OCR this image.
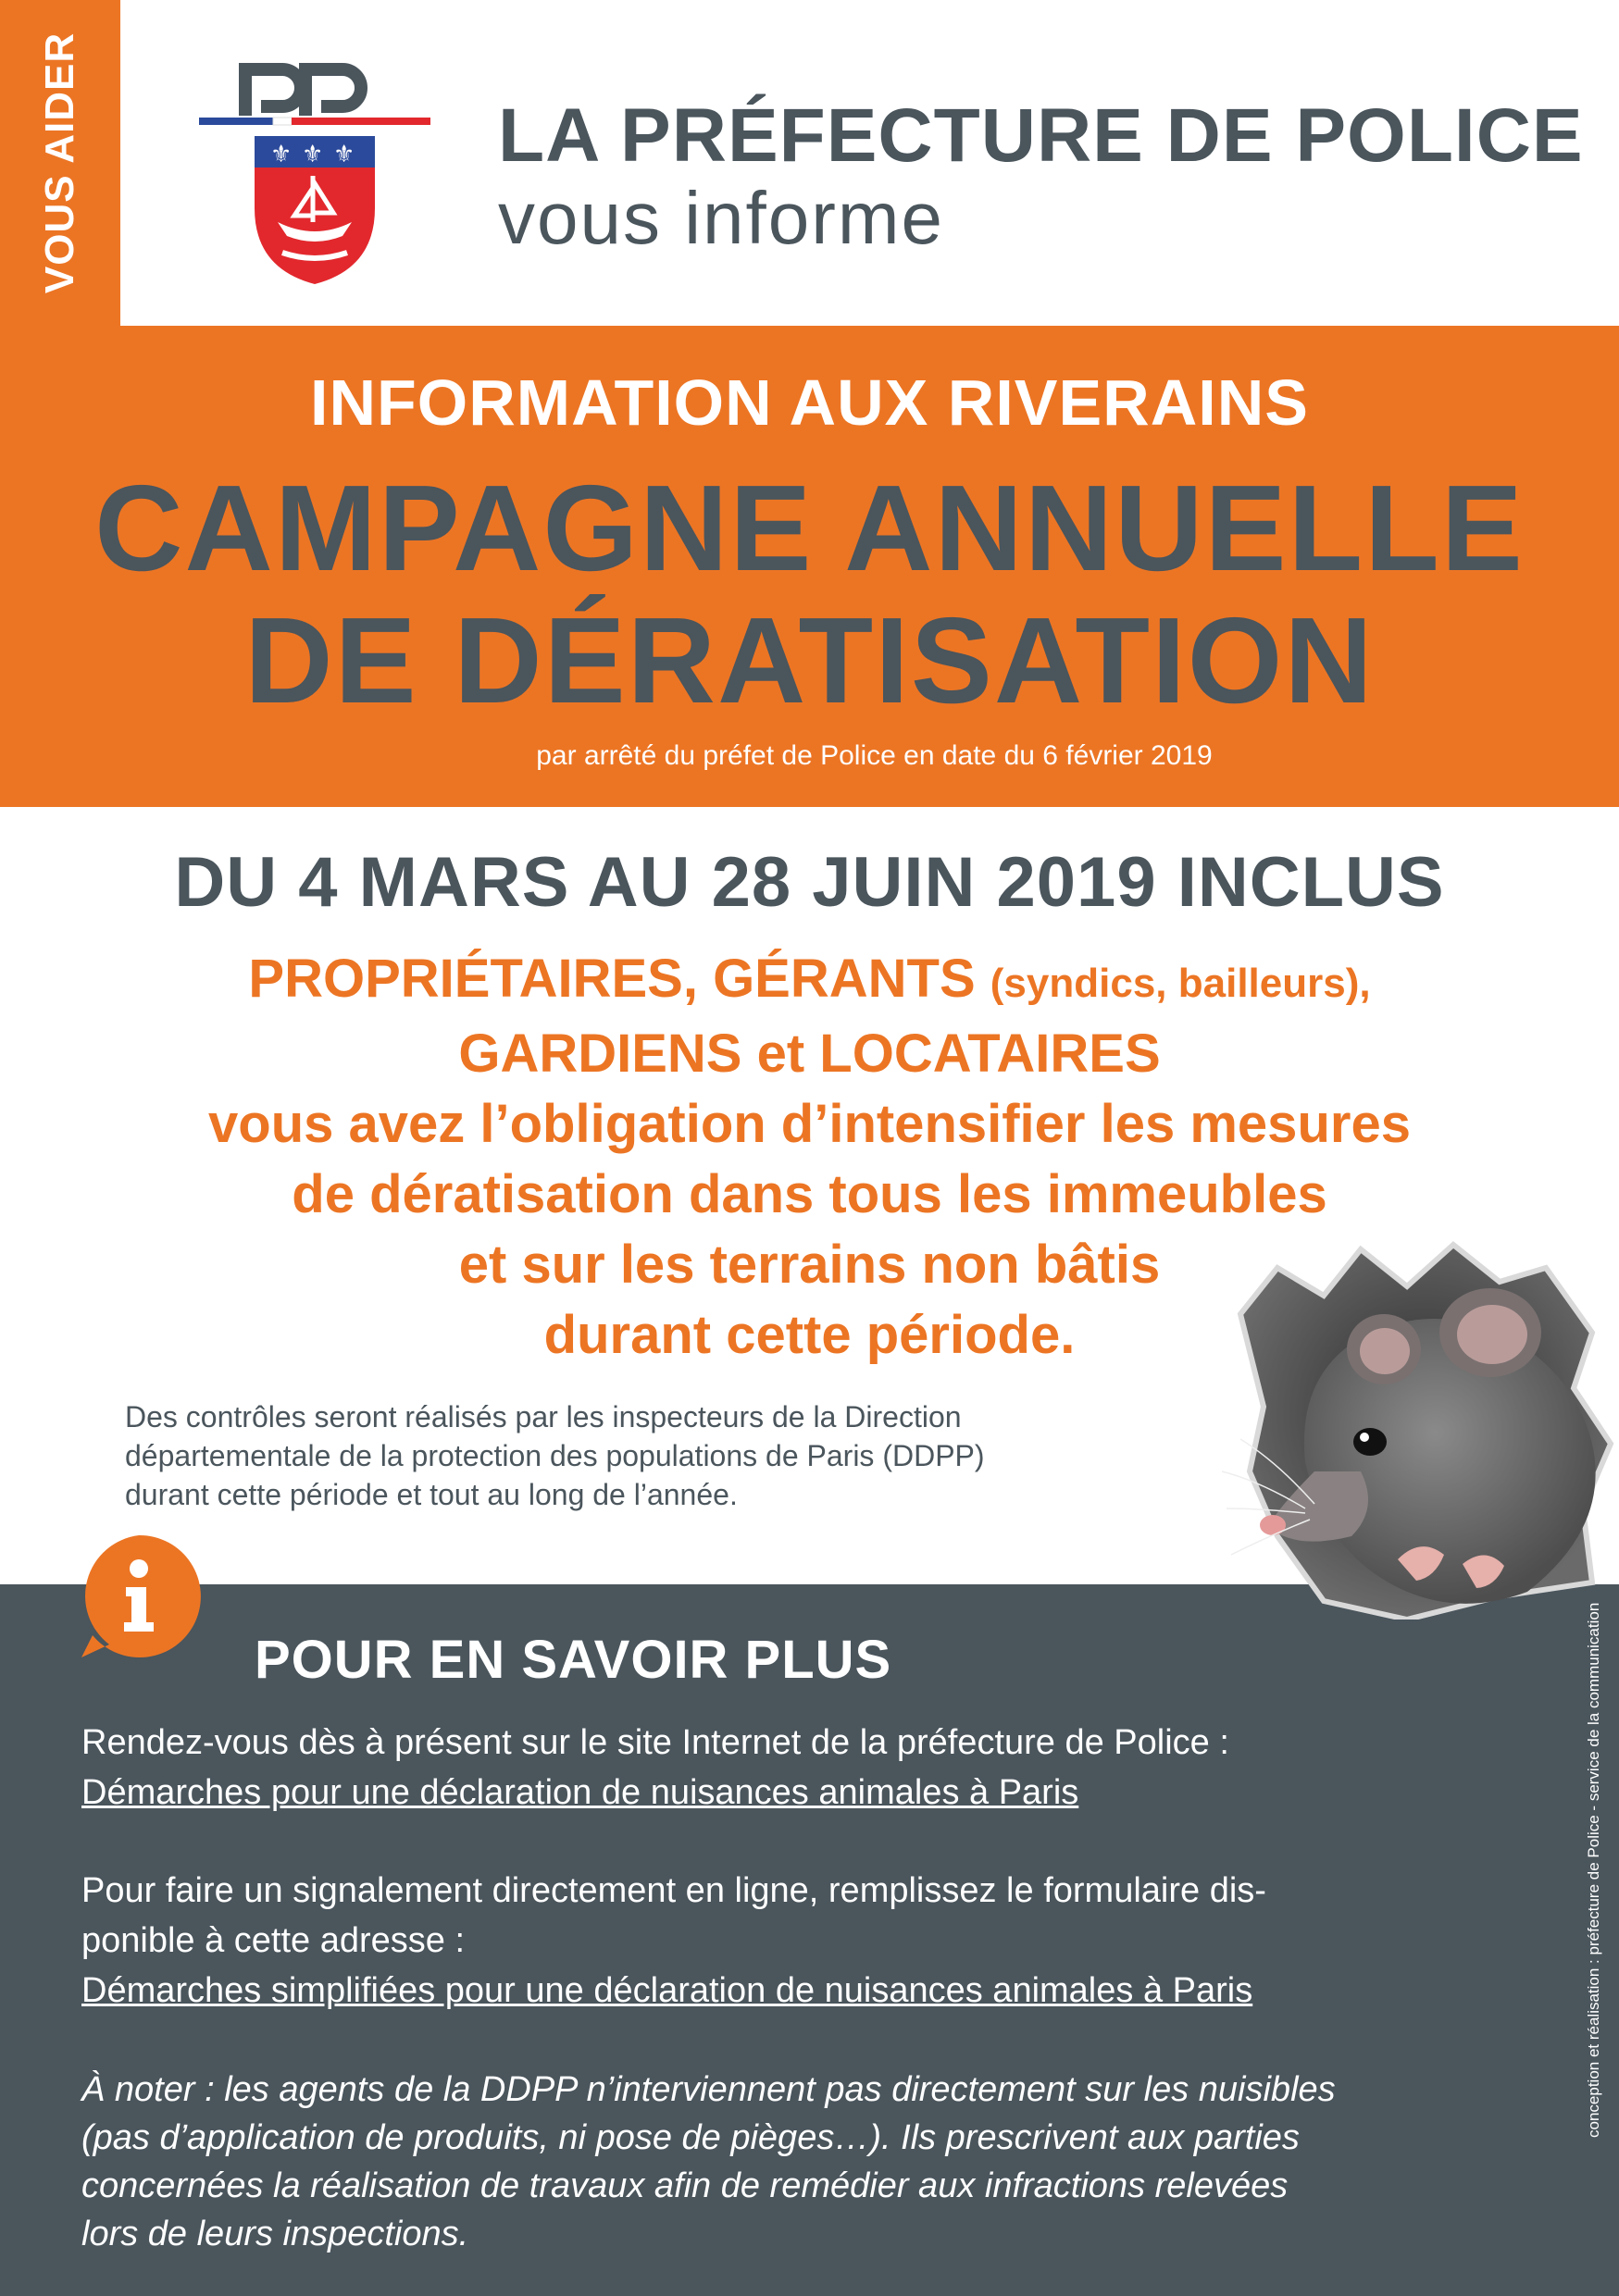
VOUS AIDER	⚜ ⚜ ⚜ LA PRÉFECTURE DE POLICE
vous informe
INFORMATION AUX RIVERAINS
CAMPAGNE ANNUELLE
DE DÉRATISATION
par arrêté du préfet de Police en date du 6 février 2019
DU 4 MARS AU 28 JUIN 2019 INCLUS
PROPRIÉTAIRES, GÉRANTS (syndics, bailleurs),
GARDIENS et LOCATAIRES
vous avez l’obligation d’intensifier les mesures
de dératisation dans tous les immeubles
et sur les terrains non bâtis
durant cette période.
Des contrôles seront réalisés par les inspecteurs de la Direction
départementale de la protection des populations de Paris (DDPP)
durant cette période et tout au long de l’année.
POUR EN SAVOIR PLUS
Rendez-vous dès à présent sur le site Internet de la préfecture de Police :
Démarches pour une déclaration de nuisances animales à Paris
Pour faire un signalement directement en ligne, remplissez le formulaire dis-
ponible à cette adresse :
Démarches simplifiées pour une déclaration de nuisances animales à Paris
À noter : les agents de la DDPP n’interviennent pas directement sur les nuisibles
(pas d’application de produits, ni pose de pièges…). Ils prescrivent aux parties
concernées la réalisation de travaux afin de remédier aux infractions relevées
lors de leurs inspections.
conception et réalisation : préfecture de Police - service de la communication
